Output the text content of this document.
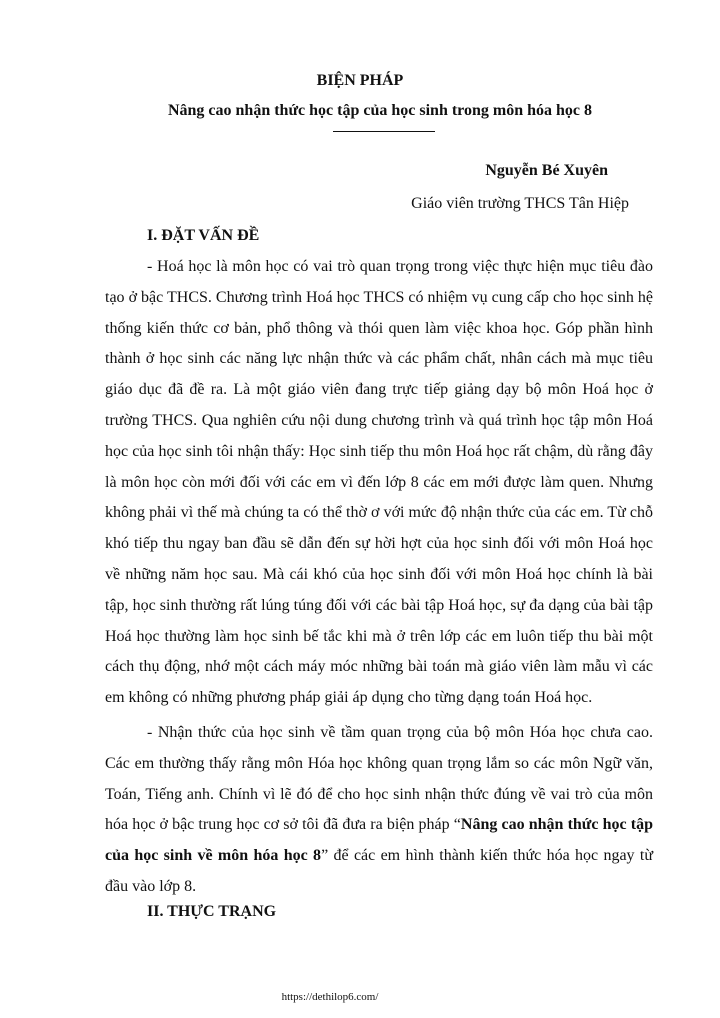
BIỆN PHÁP
Nâng cao nhận thức học tập của học sinh trong môn hóa học 8
Nguyễn Bé Xuyên
Giáo viên trường THCS Tân Hiệp
I. ĐẶT VẤN ĐỀ

- Hoá học là môn học có vai trò quan trọng trong việc thực hiện mục tiêu đào tạo ở bậc THCS. Chương trình Hoá học THCS có nhiệm vụ cung cấp cho học sinh hệ thống kiến thức cơ bản, phổ thông và thói quen làm việc khoa học. Góp phần hình thành ở học sinh các năng lực nhận thức và các phẩm chất, nhân cách mà mục tiêu giáo dục đã đề ra. Là một giáo viên đang trực tiếp giảng dạy bộ môn Hoá học ở trường THCS. Qua nghiên cứu nội dung chương trình và quá trình học tập môn Hoá học của học sinh tôi nhận thấy: Học sinh tiếp thu môn Hoá học rất chậm, dù rằng đây là môn học còn mới đối với các em vì đến lớp 8 các em mới được làm quen. Nhưng không phải vì thế mà chúng ta có thể thờ ơ với mức độ nhận thức của các em. Từ chỗ khó tiếp thu ngay ban đầu sẽ dẫn đến sự hời hợt của học sinh đối với môn Hoá học về những năm học sau. Mà cái khó của học sinh đối với môn Hoá học chính là bài tập, học sinh thường rất lúng túng đối với các bài tập Hoá học, sự đa dạng của bài tập Hoá học thường làm học sinh bế tắc khi mà ở trên lớp các em luôn tiếp thu bài một cách thụ động, nhớ một cách máy móc những bài toán mà giáo viên làm mẫu vì các em không có những phương pháp giải áp dụng cho từng dạng toán Hoá học.

- Nhận thức của học sinh về tầm quan trọng của bộ môn Hóa học chưa cao. Các em thường thấy rằng môn Hóa học không quan trọng lắm so các môn Ngữ văn, Toán, Tiếng anh. Chính vì lẽ đó để cho học sinh nhận thức đúng về vai trò của môn hóa học ở bậc trung học cơ sở tôi đã đưa ra biện pháp “Nâng cao nhận thức học tập của học sinh về môn hóa học 8” để các em hình thành kiến thức hóa học ngay từ đầu vào lớp 8.

II. THỰC TRẠNG
https://dethilop6.com/
